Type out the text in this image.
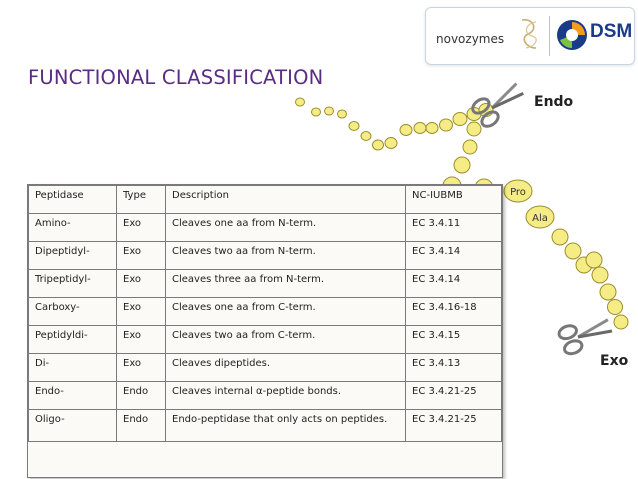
Pro
Ala
FUNCTIONAL CLASSIFICATION
novozymes	DSM
Endo
Exo
Peptidase	Type	Description	NC-IUBMB
Amino-	Exo	Cleaves one aa from N-term.	EC 3.4.11
Dipeptidyl-	Exo	Cleaves two aa from N-term.	EC 3.4.14
Tripeptidyl-	Exo	Cleaves three aa from N-term.	EC 3.4.14
Carboxy-	Exo	Cleaves one aa from C-term.	EC 3.4.16-18
Peptidyldi-	Exo	Cleaves two aa from C-term.	EC 3.4.15
Di-	Exo	Cleaves dipeptides.	EC 3.4.13
Endo-	Endo	Cleaves internal α-peptide bonds.	EC 3.4.21-25
Oligo-	Endo	Endo-peptidase that only acts on peptides.	EC 3.4.21-25
